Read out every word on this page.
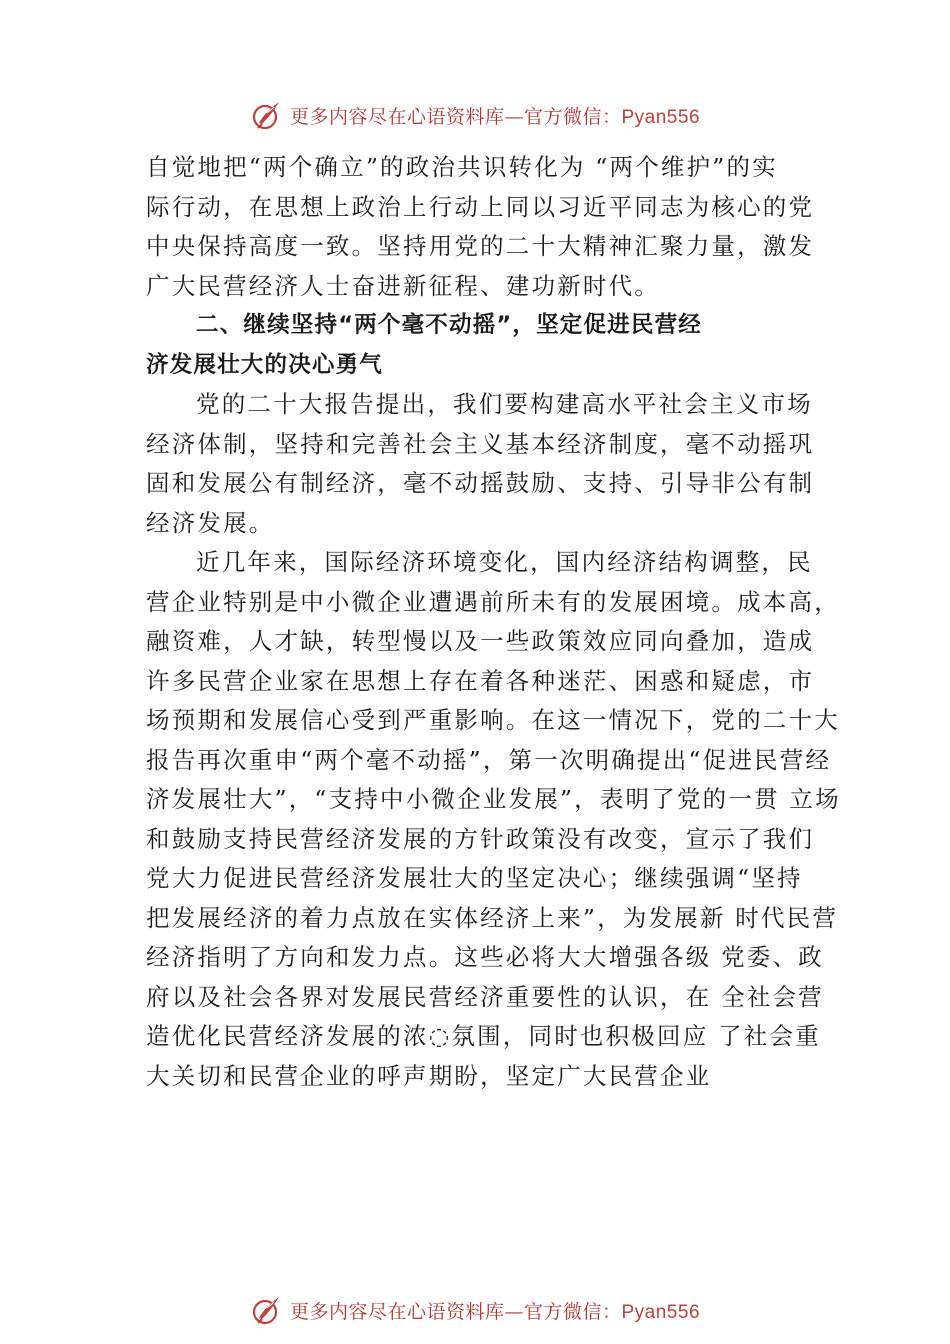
更多内容尽在心语资料库—官方微信：Pyan556
自觉地把“两个确立”的政治共识转化为 “两个维护”的实
际行动，在思想上政治上行动上同以习近平同志为核心的党
中央保持高度一致。坚持用党的二十大精神汇聚力量，激发
广大民营经济人士奋进新征程、建功新时代。
二、继续坚持“两个毫不动摇”，坚定促进民营经
济发展壮大的决心勇气
党的二十大报告提出，我们要构建高水平社会主义市场
经济体制，坚持和完善社会主义基本经济制度，毫不动摇巩
固和发展公有制经济，毫不动摇鼓励、支持、引导非公有制
经济发展。
近几年来，国际经济环境变化，国内经济结构调整，民
营企业特别是中小微企业遭遇前所未有的发展困境。成本高，
融资难，人才缺，转型慢以及一些政策效应同向叠加，造成
许多民营企业家在思想上存在着各种迷茫、困惑和疑虑，市
场预期和发展信心受到严重影响。在这一情况下，党的二十大
报告再次重申“两个毫不动摇”，第一次明确提出“促进民营经
济发展壮大”，“支持中小微企业发展”，表明了党的一贯 立场
和鼓励支持民营经济发展的方针政策没有改变，宣示了我们
党大力促进民营经济发展壮大的坚定决心；继续强调“坚持
把发展经济的着力点放在实体经济上来”，为发展新 时代民营
经济指明了方向和发力点。这些必将大大增强各级 党委、政
府以及社会各界对发展民营经济重要性的认识，在 全社会营
造优化民营经济发展的浓◌氛围，同时也积极回应 了社会重
大关切和民营企业的呼声期盼，坚定广大民营企业
更多内容尽在心语资料库—官方微信：Pyan556
